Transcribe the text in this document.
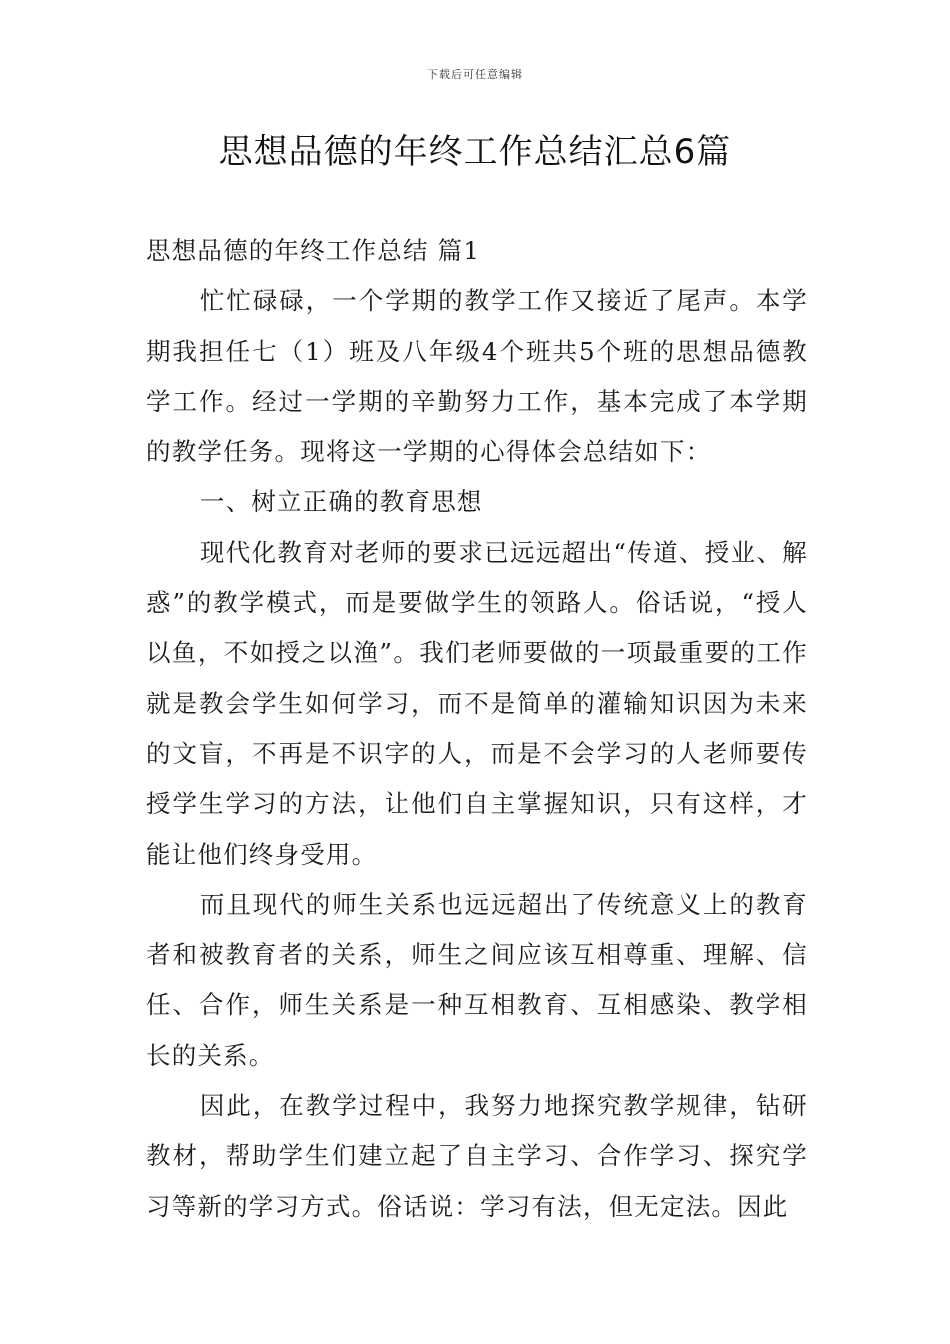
下载后可任意编辑
思想品德的年终工作总结汇总6篇

思想品德的年终工作总结 篇1

忙忙碌碌，一个学期的教学工作又接近了尾声。本学期我担任七（1）班及八年级4个班共5个班的思想品德教学工作。经过一学期的辛勤努力工作，基本完成了本学期的教学任务。现将这一学期的心得体会总结如下：

一、树立正确的教育思想

现代化教育对老师的要求已远远超出“传道、授业、解惑”的教学模式，而是要做学生的领路人。俗话说，“授人以鱼，不如授之以渔”。我们老师要做的一项最重要的工作就是教会学生如何学习，而不是简单的灌输知识因为未来的文盲，不再是不识字的人，而是不会学习的人老师要传授学生学习的方法，让他们自主掌握知识，只有这样，才能让他们终身受用。

而且现代的师生关系也远远超出了传统意义上的教育者和被教育者的关系，师生之间应该互相尊重、理解、信任、合作，师生关系是一种互相教育、互相感染、教学相长的关系。

因此，在教学过程中，我努力地探究教学规律，钻研教材，帮助学生们建立起了自主学习、合作学习、探究学习等新的学习方式。俗话说：学习有法，但无定法。因此
